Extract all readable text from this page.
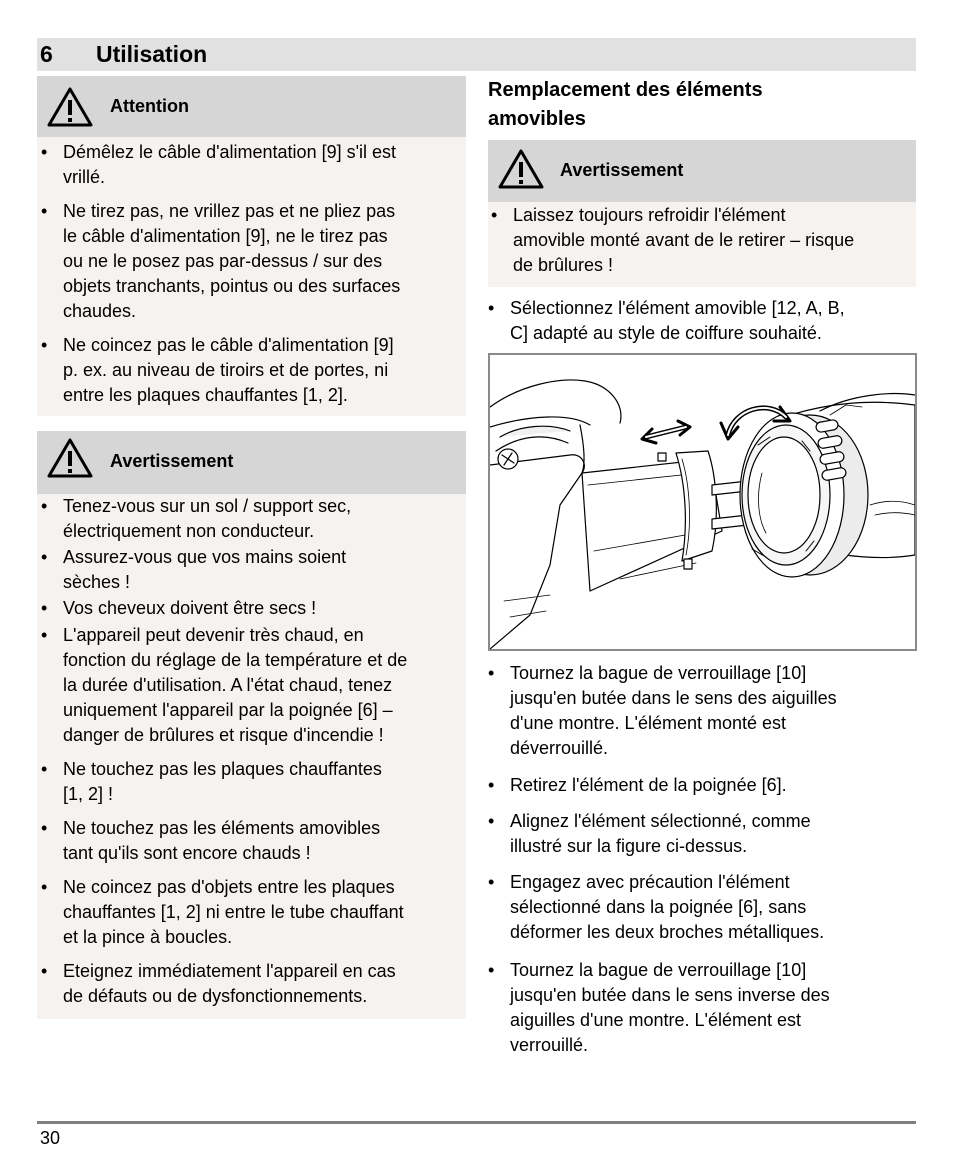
6 Utilisation
Attention
• Démêlez le câble d'alimentation [9] s'il est
vrillé.
• Ne tirez pas, ne vrillez pas et ne pliez pas
le câble d'alimentation [9], ne le tirez pas
ou ne le posez pas par-dessus / sur des
objets tranchants, pointus ou des surfaces
chaudes.
• Ne coincez pas le câble d'alimentation [9]
p. ex. au niveau de tiroirs et de portes, ni
entre les plaques chauffantes [1, 2].
Avertissement
• Tenez-vous sur un sol / support sec,
électriquement non conducteur.
• Assurez-vous que vos mains soient
sèches !
• Vos cheveux doivent être secs !
• L'appareil peut devenir très chaud, en
fonction du réglage de la température et de
la durée d'utilisation. A l'état chaud, tenez
uniquement l'appareil par la poignée [6] –
danger de brûlures et risque d'incendie !
• Ne touchez pas les plaques chauffantes
[1, 2] !
• Ne touchez pas les éléments amovibles
tant qu'ils sont encore chauds !
• Ne coincez pas d'objets entre les plaques
chauffantes [1, 2] ni entre le tube chauffant
et la pince à boucles.
• Eteignez immédiatement l'appareil en cas
de défauts ou de dysfonctionnements.
Remplacement des éléments
amovibles
Avertissement
• Laissez toujours refroidir l'élément
amovible monté avant de le retirer – risque
de brûlures !
• Sélectionnez l'élément amovible [12, A, B,
C] adapté au style de coiffure souhaité.
• Tournez la bague de verrouillage [10]
jusqu'en butée dans le sens des aiguilles
d'une montre. L'élément monté est
déverrouillé.
• Retirez l'élément de la poignée [6].
• Alignez l'élément sélectionné, comme
illustré sur la figure ci-dessus.
• Engagez avec précaution l'élément
sélectionné dans la poignée [6], sans
déformer les deux broches métalliques.
• Tournez la bague de verrouillage [10]
jusqu'en butée dans le sens inverse des
aiguilles d'une montre. L'élément est
verrouillé.
30
